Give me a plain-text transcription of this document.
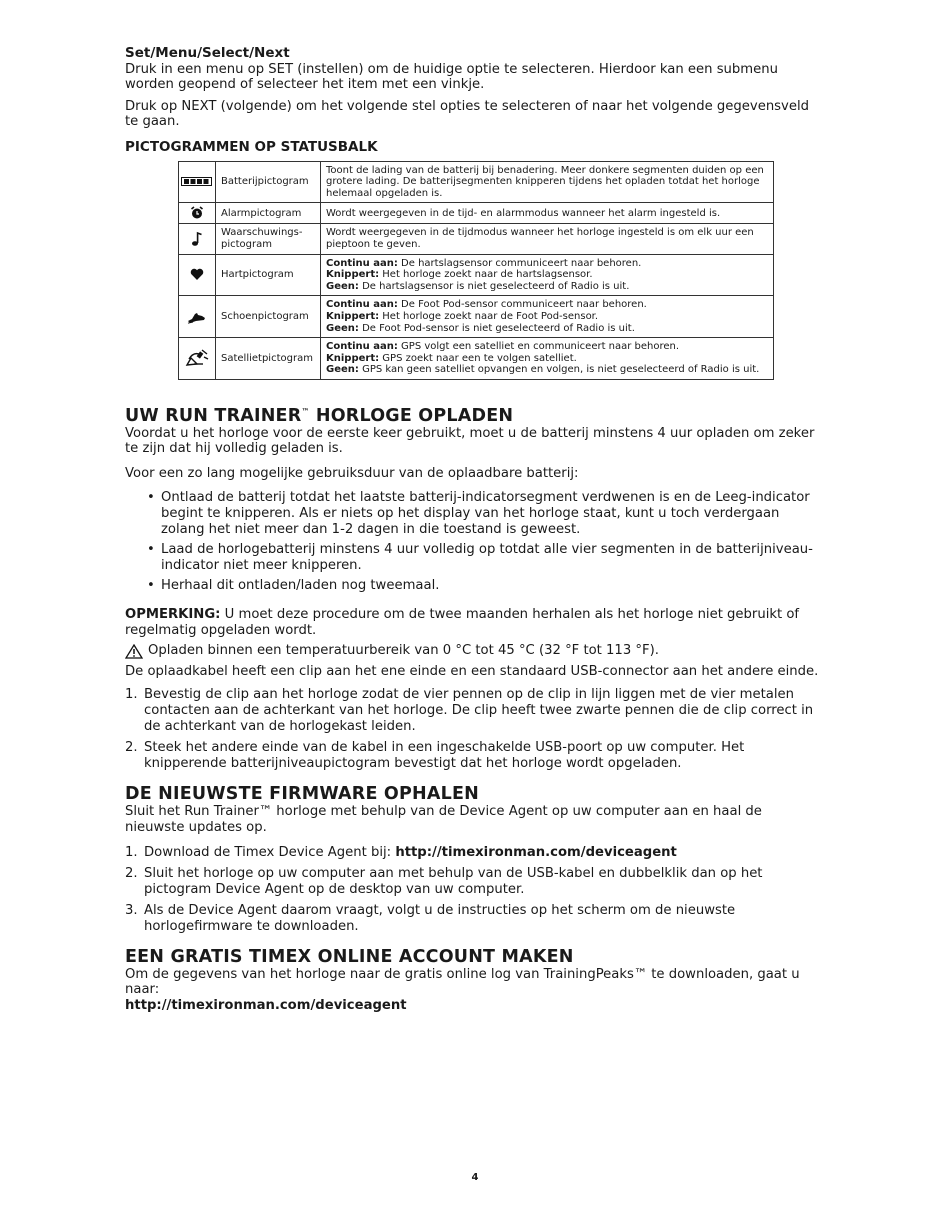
Set/Menu/Select/Next

Druk in een menu op SET (instellen) om de huidige optie te selecteren. Hierdoor kan een submenu worden geopend of selecteer het item met een vinkje.

Druk op NEXT (volgende) om het volgende stel opties te selecteren of naar het volgende gegevensveld te gaan.

PICTOGRAMMEN OP STATUSBALK

	Batterijpictogram	Toont de lading van de batterij bij benadering. Meer donkere segmenten duiden op een grotere lading. De batterijsegmenten knipperen tijdens het opladen totdat het horloge helemaal opgeladen is.

	Alarmpictogram	Wordt weergegeven in de tijd- en alarmmodus wanneer het alarm ingesteld is.

	Waarschuwings-pictogram	Wordt weergegeven in de tijdmodus wanneer het horloge ingesteld is om elk uur een pieptoon te geven.

	Hartpictogram	Continu aan: De hartslagsensor communiceert naar behoren.
Knippert: Het horloge zoekt naar de hartslagsensor.
Geen: De hartslagsensor is niet geselecteerd of Radio is uit.

	Schoenpictogram	Continu aan: De Foot Pod-sensor communiceert naar behoren.
Knippert: Het horloge zoekt naar de Foot Pod-sensor.
Geen: De Foot Pod-sensor is niet geselecteerd of Radio is uit.

	Satellietpictogram	Continu aan: GPS volgt een satelliet en communiceert naar behoren.
Knippert: GPS zoekt naar een te volgen satelliet.
Geen: GPS kan geen satelliet opvangen en volgen, is niet geselecteerd of Radio is uit.

UW RUN TRAINER™ HORLOGE OPLADEN

Voordat u het horloge voor de eerste keer gebruikt, moet u de batterij minstens 4 uur opladen om zeker te zijn dat hij volledig geladen is.

Voor een zo lang mogelijke gebruiksduur van de oplaadbare batterij:

• Ontlaad de batterij totdat het laatste batterij-indicatorsegment verdwenen is en de Leeg-indicator begint te knipperen. Als er niets op het display van het horloge staat, kunt u toch verdergaan zolang het niet meer dan 1-2 dagen in die toestand is geweest.
• Laad de horlogebatterij minstens 4 uur volledig op totdat alle vier segmenten in de batterijniveau-indicator niet meer knipperen.
• Herhaal dit ontladen/laden nog tweemaal.

OPMERKING: U moet deze procedure om de twee maanden herhalen als het horloge niet gebruikt of regelmatig opgeladen wordt.

Opladen binnen een temperatuurbereik van 0 °C tot 45 °C (32 °F tot 113 °F).

De oplaadkabel heeft een clip aan het ene einde en een standaard USB-connector aan het andere einde.

1. Bevestig de clip aan het horloge zodat de vier pennen op de clip in lijn liggen met de vier metalen contacten aan de achterkant van het horloge. De clip heeft twee zwarte pennen die de clip correct in de achterkant van de horlogekast leiden.
2. Steek het andere einde van de kabel in een ingeschakelde USB-poort op uw computer. Het knipperende batterijniveaupictogram bevestigt dat het horloge wordt opgeladen.

DE NIEUWSTE FIRMWARE OPHALEN

Sluit het Run Trainer™ horloge met behulp van de Device Agent op uw computer aan en haal de nieuwste updates op.

1. Download de Timex Device Agent bij: http://timexironman.com/deviceagent
2. Sluit het horloge op uw computer aan met behulp van de USB-kabel en dubbelklik dan op het pictogram Device Agent op de desktop van uw computer.
3. Als de Device Agent daarom vraagt, volgt u de instructies op het scherm om de nieuwste horlogefirmware te downloaden.

EEN GRATIS TIMEX ONLINE ACCOUNT MAKEN

Om de gegevens van het horloge naar de gratis online log van TrainingPeaks™ te downloaden, gaat u naar:

http://timexironman.com/deviceagent

4
